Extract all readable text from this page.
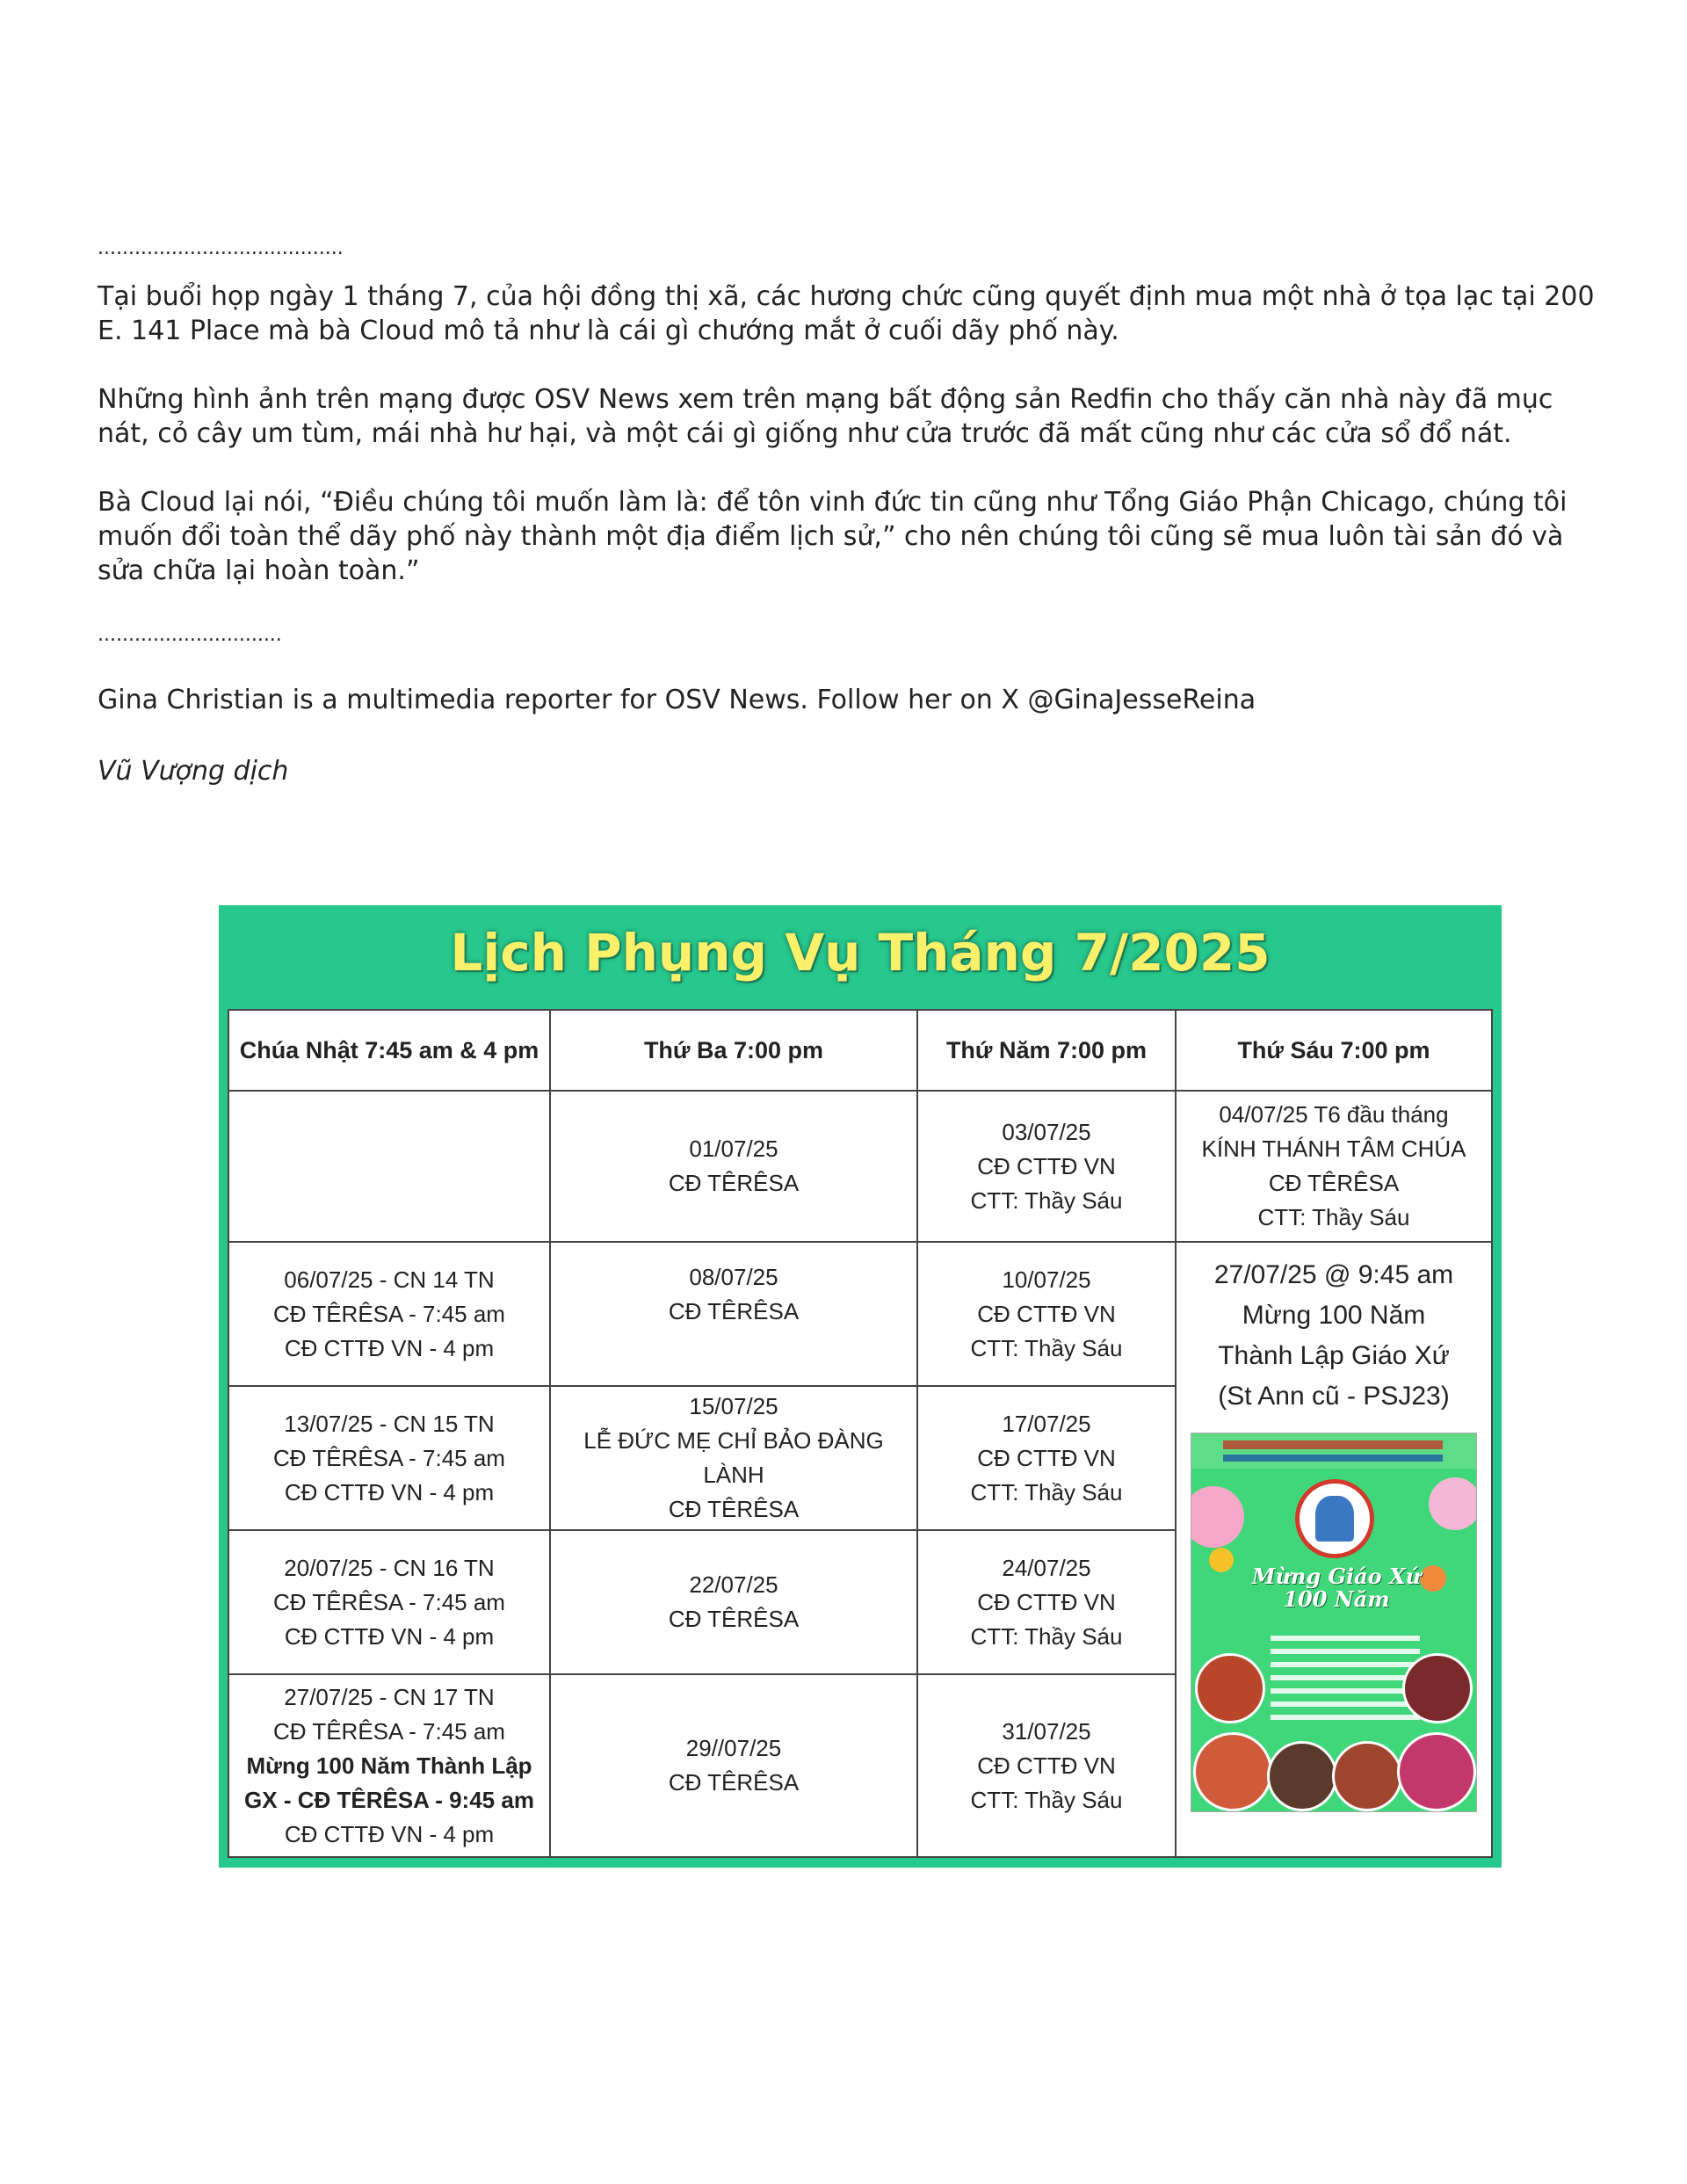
........................................

Tại buổi họp ngày 1 tháng 7, của hội đồng thị xã, các hương chức cũng quyết định mua một nhà ở tọa lạc tại 200 E. 141 Place mà bà Cloud mô tả như là cái gì chướng mắt ở cuối dãy phố này.

Những hình ảnh trên mạng được OSV News xem trên mạng bất động sản Redfin cho thấy căn nhà này đã mục nát, cỏ cây um tùm, mái nhà hư hại, và một cái gì giống như cửa trước đã mất cũng như các cửa sổ đổ nát.

Bà Cloud lại nói, “Điều chúng tôi muốn làm là: để tôn vinh đức tin cũng như Tổng Giáo Phận Chicago, chúng tôi muốn đổi toàn thể dãy phố này thành một địa điểm lịch sử,” cho nên chúng tôi cũng sẽ mua luôn tài sản đó và sửa chữa lại hoàn toàn.”

..............................

Gina Christian is a multimedia reporter for OSV News. Follow her on X @GinaJesseReina

Vũ Vượng dịch

Lịch Phụng Vụ Tháng 7/2025
Chúa Nhật 7:45 am & 4 pm	Thứ Ba 7:00 pm	Thứ Năm 7:00 pm	Thứ Sáu 7:00 pm

	01/07/25
CĐ TÊRÊSA	03/07/25
CĐ CTTĐ VN
CTT: Thầy Sáu	04/07/25 T6 đầu tháng
KÍNH THÁNH TÂM CHÚA
CĐ TÊRÊSA
CTT: Thầy Sáu

06/07/25 - CN 14 TN
CĐ TÊRÊSA - 7:45 am
CĐ CTTĐ VN - 4 pm	08/07/25
CĐ TÊRÊSA	10/07/25
CĐ CTTĐ VN
CTT: Thầy Sáu	27/07/25 @ 9:45 am
Mừng 100 Năm
Thành Lập Giáo Xứ
(St Ann cũ - PSJ23)
Mừng Giáo Xứ 100 Năm

13/07/25 - CN 15 TN
CĐ TÊRÊSA - 7:45 am
CĐ CTTĐ VN - 4 pm	15/07/25
LỄ ĐỨC MẸ CHỈ BẢO ĐÀNG LÀNH
CĐ TÊRÊSA	17/07/25
CĐ CTTĐ VN
CTT: Thầy Sáu	

20/07/25 - CN 16 TN
CĐ TÊRÊSA - 7:45 am
CĐ CTTĐ VN - 4 pm	22/07/25
CĐ TÊRÊSA	24/07/25
CĐ CTTĐ VN
CTT: Thầy Sáu	

27/07/25 - CN 17 TN
CĐ TÊRÊSA - 7:45 am
Mừng 100 Năm Thành Lập
GX - CĐ TÊRÊSA - 9:45 am
CĐ CTTĐ VN - 4 pm	29//07/25
CĐ TÊRÊSA	31/07/25
CĐ CTTĐ VN
CTT: Thầy Sáu	
